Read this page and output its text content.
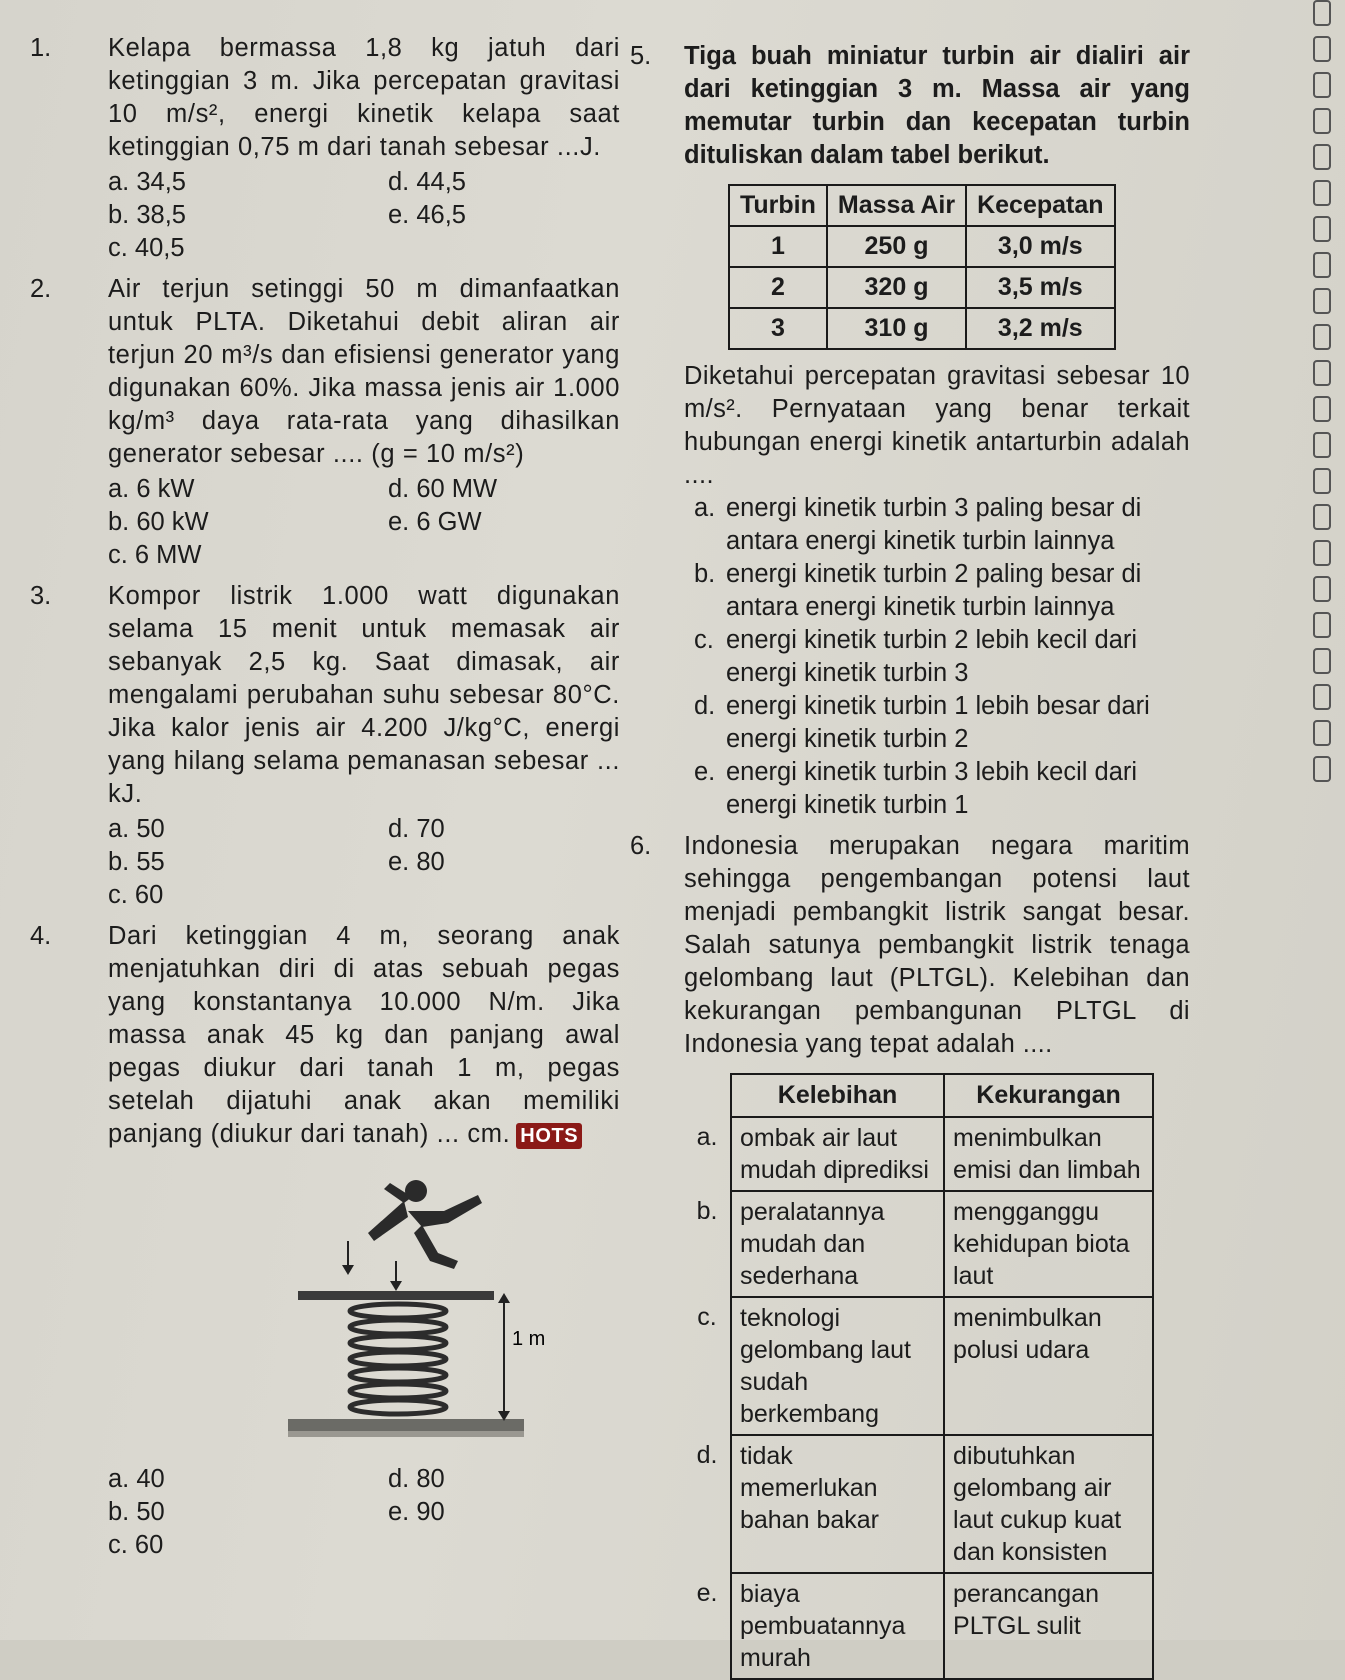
1. Kelapa bermassa 1,8 kg jatuh dari ketinggian 3 m. Jika percepatan gravitasi 10 m/s², energi kinetik kelapa saat ketinggian 0,75 m dari tanah sebesar ...J.
a. 34,5	d. 44,5
b. 38,5	e. 46,5
c. 40,5
2. Air terjun setinggi 50 m dimanfaatkan untuk PLTA. Diketahui debit aliran air terjun 20 m³/s dan efisiensi generator yang digunakan 60%. Jika massa jenis air 1.000 kg/m³ daya rata-rata yang dihasilkan generator sebesar .... (g = 10 m/s²)
a. 6 kW	d. 60 MW
b. 60 kW	e. 6 GW
c. 6 MW
3. Kompor listrik 1.000 watt digunakan selama 15 menit untuk memasak air sebanyak 2,5 kg. Saat dimasak, air mengalami perubahan suhu sebesar 80°C. Jika kalor jenis air 4.200 J/kg°C, energi yang hilang selama pemanasan sebesar ... kJ.
a. 50	d. 70
b. 55	e. 80
c. 60
4. Dari ketinggian 4 m, seorang anak menjatuhkan diri di atas sebuah pegas yang konstantanya 10.000 N/m. Jika massa anak 45 kg dan panjang awal pegas diukur dari tanah 1 m, pegas setelah dijatuhi anak akan memiliki panjang (diukur dari tanah) ... cm. HOTS
1 m
a. 40	d. 80
b. 50	e. 90
c. 60
5. Tiga buah miniatur turbin air dialiri air dari ketinggian 3 m. Massa air yang memutar turbin dan kecepatan turbin dituliskan dalam tabel berikut.
Turbin	Massa Air	Kecepatan
1	250 g	3,0 m/s
2	320 g	3,5 m/s
3	310 g	3,2 m/s
Diketahui percepatan gravitasi sebesar 10 m/s². Pernyataan yang benar terkait hubungan energi kinetik antarturbin adalah ....
a. energi kinetik turbin 3 paling besar di antara energi kinetik turbin lainnya
b. energi kinetik turbin 2 paling besar di antara energi kinetik turbin lainnya
c. energi kinetik turbin 2 lebih kecil dari energi kinetik turbin 3
d. energi kinetik turbin 1 lebih besar dari energi kinetik turbin 2
e. energi kinetik turbin 3 lebih kecil dari energi kinetik turbin 1
6. Indonesia merupakan negara maritim sehingga pengembangan potensi laut menjadi pembangkit listrik sangat besar. Salah satunya pembangkit listrik tenaga gelombang laut (PLTGL). Kelebihan dan kekurangan pembangunan PLTGL di Indonesia yang tepat adalah ....
	Kelebihan	Kekurangan
a.	ombak air laut mudah diprediksi	menimbulkan emisi dan limbah
b.	peralatannya mudah dan sederhana	mengganggu kehidupan biota laut
c.	teknologi gelombang laut sudah berkembang	menimbulkan polusi udara
d.	tidak memerlukan bahan bakar	dibutuhkan gelombang air laut cukup kuat dan konsisten
e.	biaya pembuatannya murah	perancangan PLTGL sulit
